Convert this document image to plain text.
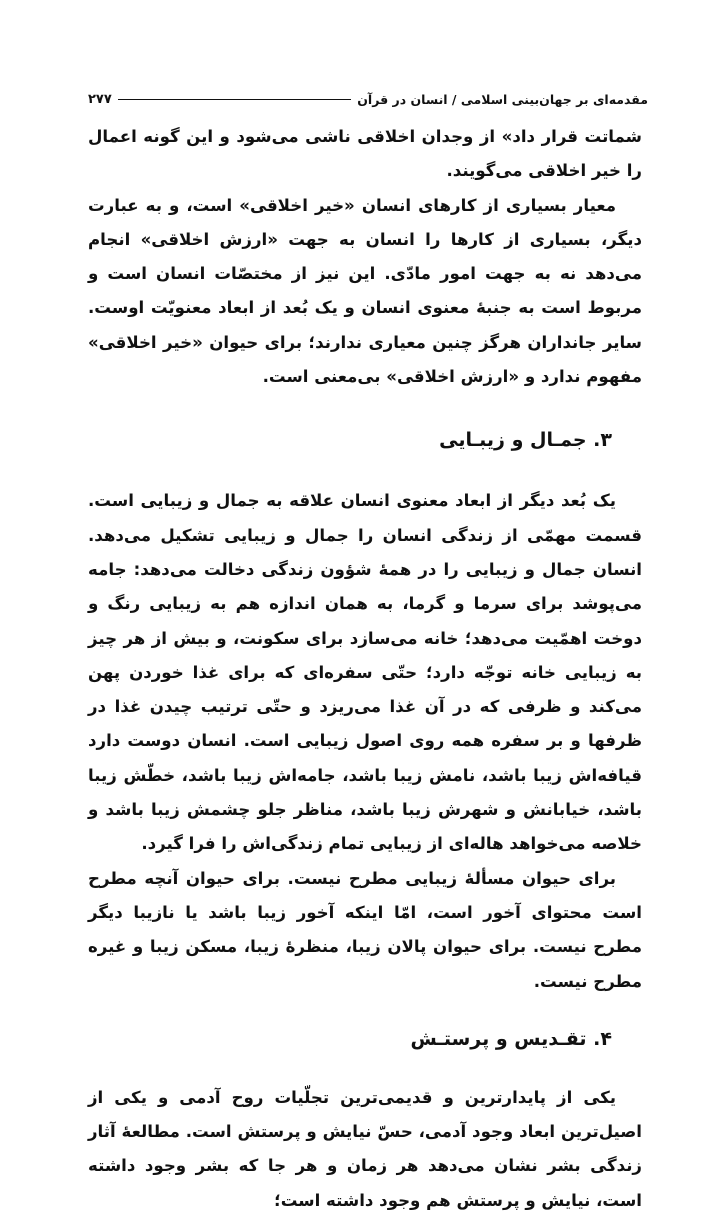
مقدمه‌ای بر جهان‌بینی اسلامی / انسان در قرآن
۲۷۷

شماتت قرار داد» از وجدان اخلاقی ناشی می‌شود و این گونه اعمال را خیر اخلاقی می‌گویند.

معیار بسیاری از کارهای انسان «خیر اخلاقی» است، و به عبارت دیگر، بسیاری از کارها را انسان به جهت «ارزش اخلاقی» انجام می‌دهد نه به جهت امور مادّی. این نیز از مختصّات انسان است و مربوط است به جنبهٔ معنوی انسان و یک بُعد از ابعاد معنویّت اوست. سایر جانداران هرگز چنین معیاری ندارند؛ برای حیوان «خیر اخلاقی» مفهوم ندارد و «ارزش اخلاقی» بی‌معنی است.

۳. جمـال و زیبـایی

یک بُعد دیگر از ابعاد معنوی انسان علاقه به جمال و زیبایی است. قسمت مهمّی از زندگی انسان را جمال و زیبایی تشکیل می‌دهد. انسان جمال و زیبایی را در همهٔ شؤون زندگی دخالت می‌دهد: جامه می‌پوشد برای سرما و گرما، به همان اندازه هم به زیبایی رنگ و دوخت اهمّیت می‌دهد؛ خانه می‌سازد برای سکونت، و بیش از هر چیز به زیبایی خانه توجّه دارد؛ حتّی سفره‌ای که برای غذا خوردن پهن می‌کند و ظرفی که در آن غذا می‌ریزد و حتّی ترتیب چیدن غذا در ظرفها و بر سفره همه روی اصول زیبایی است. انسان دوست دارد قیافه‌اش زیبا باشد، نامش زیبا باشد، جامه‌اش زیبا باشد، خطّش زیبا باشد، خیابانش و شهرش زیبا باشد، مناظر جلو چشمش زیبا باشد و خلاصه می‌خواهد هاله‌ای از زیبایی تمام زندگی‌اش را فرا گیرد.

برای حیوان مسألهٔ زیبایی مطرح نیست. برای حیوان آنچه مطرح است محتوای آخور است، امّا اینکه آخور زیبا باشد یا نازیبا دیگر مطرح نیست. برای حیوان پالان زیبا، منظرهٔ زیبا، مسکن زیبا و غیره مطرح نیست.

۴. تقـدیس و پرستـش

یکی از پایدارترین و قدیمی‌ترین تجلّیات روح آدمی و یکی از اصیل‌ترین ابعاد وجود آدمی، حسّ نیایش و پرستش است. مطالعهٔ آثار زندگی بشر نشان می‌دهد هر زمان و هر جا که بشر وجود داشته است، نیایش و پرستش هم وجود داشته است؛
